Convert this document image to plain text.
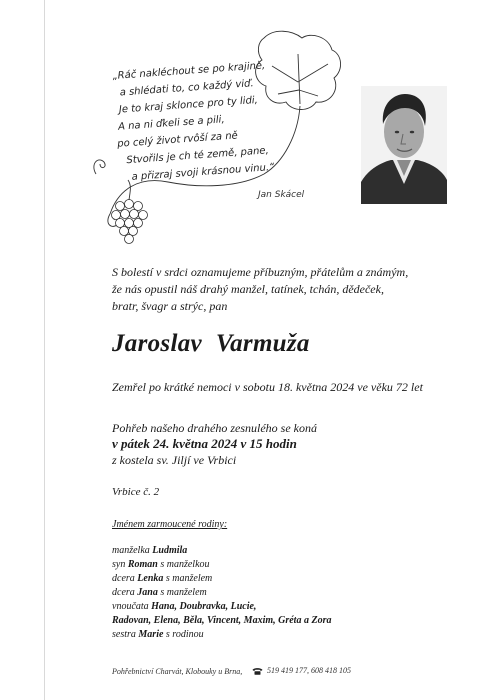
„Ráč nakléchout se po krajině,
a shlédati to, co každý viď.
Je to kraj sklonce pro ty lidi,
A na ni ďkeli se a pili,
po celý život rvôší za ně
Stvořils je ch té země, pane,
a přizraj svoji krásnou vinu.“
Jan Skácel
S bolestí v srdci oznamujeme příbuzným, přátelům a známým,
že nás opustil náš drahý manžel, tatínek, tchán, dědeček,
bratr, švagr a strýc, pan
Jaroslav Varmuža
Zemřel po krátké nemoci v sobotu 18. května 2024 ve věku 72 let
Pohřeb našeho drahého zesnulého se koná
v pátek 24. května 2024 v 15 hodin
z kostela sv. Jiljí ve Vrbici
Vrbice č. 2
Jménem zarmoucené rodiny:
manželka Ludmila
syn Roman s manželkou
dcera Lenka s manželem
dcera Jana s manželem
vnoučata Hana, Doubravka, Lucie,
Radovan, Elena, Běla, Vincent, Maxim, Gréta a Zora
sestra Marie s rodinou
Pohřebnictví Charvát, Klobouky u Brna,	519 419 177, 608 418 105
